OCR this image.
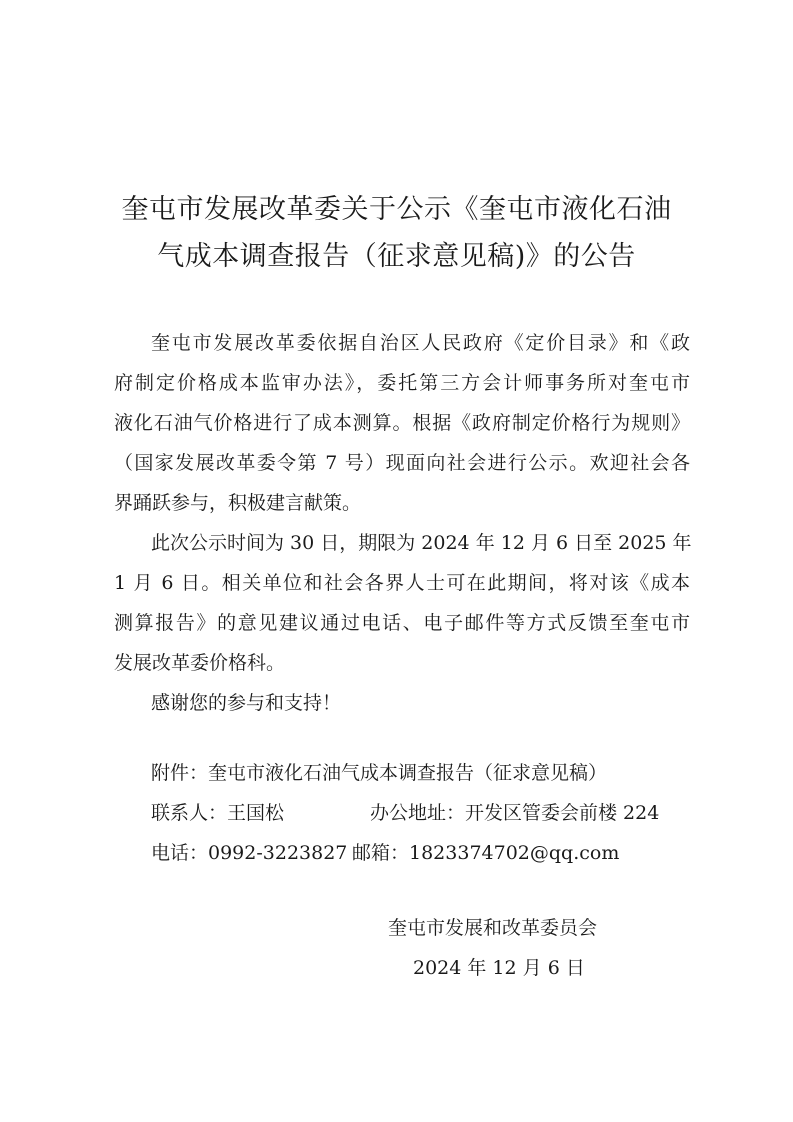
奎屯市发展改革委关于公示《奎屯市液化石油
气成本调查报告（征求意见稿)》的公告
奎屯市发展改革委依据自治区人民政府《定价目录》和《政
府制定价格成本监审办法》，委托第三方会计师事务所对奎屯市
液化石油气价格进行了成本测算。根据《政府制定价格行为规则》
（国家发展改革委令第 7 号）现面向社会进行公示。欢迎社会各
界踊跃参与，积极建言献策。
此次公示时间为 30 日，期限为 2024 年 12 月 6 日至 2025 年
1 月 6 日。相关单位和社会各界人士可在此期间，将对该《成本
测算报告》的意见建议通过电话、电子邮件等方式反馈至奎屯市
发展改革委价格科。
感谢您的参与和支持！
附件：奎屯市液化石油气成本调查报告（征求意见稿）
联系人：王国松	办公地址：开发区管委会前楼 224
电话：0992-3223827 邮箱：1823374702@qq.com
奎屯市发展和改革委员会
2024 年 12 月 6 日
